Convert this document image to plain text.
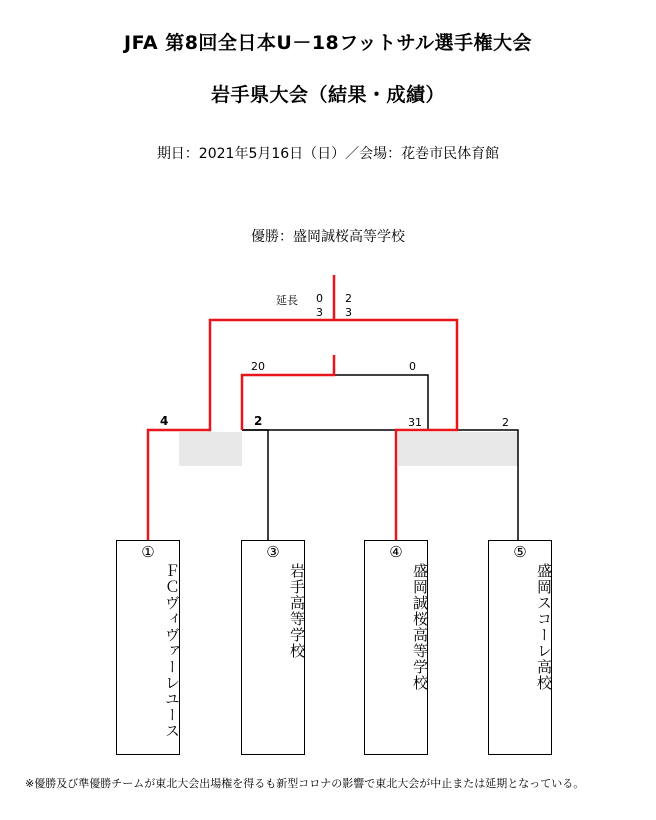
JFA 第8回全日本U－18フットサル選手権大会
岩手県大会（結果・成績）
期日：2021年5月16日（日）／会場：花巻市民体育館
優勝：盛岡誠桜高等学校
4	2	31	2
20	0
延長 0
3
2
3
①
ＦＣヴィヴァーレユース
③
岩手高等学校
④
盛岡誠桜高等学校
⑤
盛岡スコーレ高校
※優勝及び準優勝チームが東北大会出場権を得るも新型コロナの影響で東北大会が中止または延期となっている。
